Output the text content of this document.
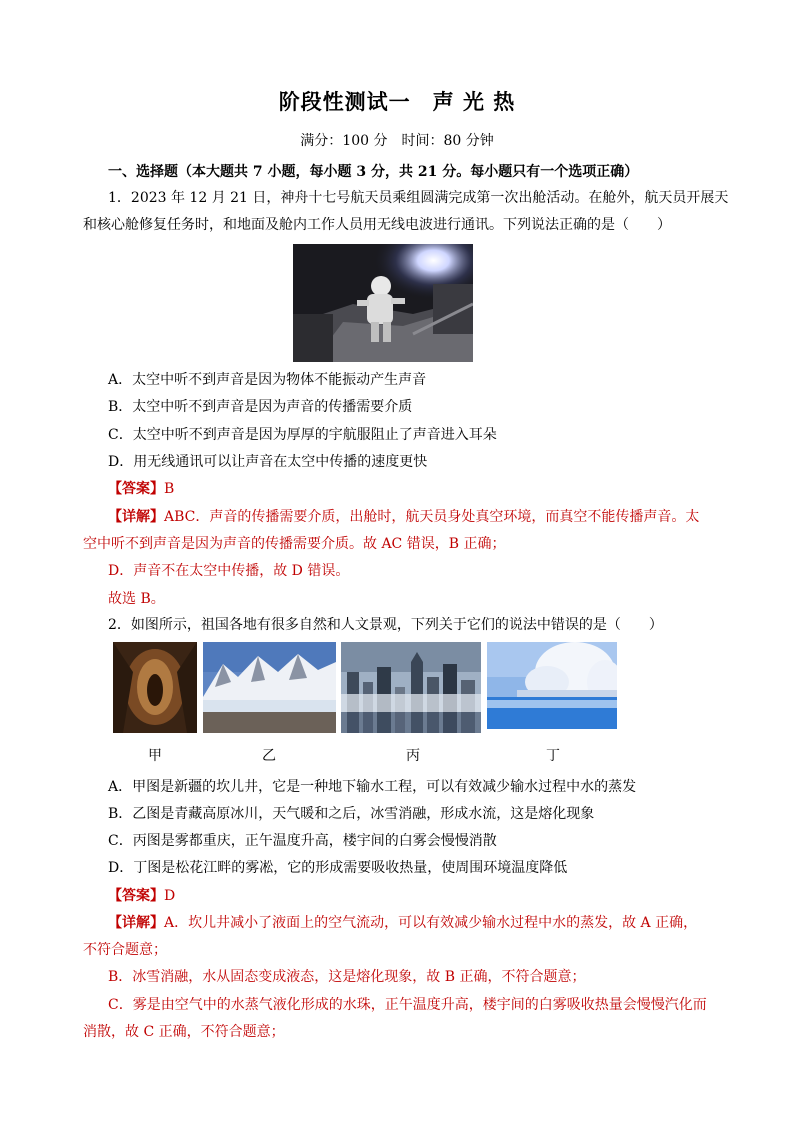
阶段性测试一　声 光 热
满分：100 分　时间：80 分钟
一、选择题（本大题共 7 小题，每小题 3 分，共 21 分。每小题只有一个选项正确）
1．2023 年 12 月 21 日，神舟十七号航天员乘组圆满完成第一次出舱活动。在舱外，航天员开展天
和核心舱修复任务时，和地面及舱内工作人员用无线电波进行通讯。下列说法正确的是（　　）
A．太空中听不到声音是因为物体不能振动产生声音
B．太空中听不到声音是因为声音的传播需要介质
C．太空中听不到声音是因为厚厚的宇航服阻止了声音进入耳朵
D．用无线通讯可以让声音在太空中传播的速度更快
【答案】B
【详解】ABC．声音的传播需要介质，出舱时，航天员身处真空环境，而真空不能传播声音。太
空中听不到声音是因为声音的传播需要介质。故 AC 错误，B 正确；
D．声音不在太空中传播，故 D 错误。
故选 B。
2．如图所示，祖国各地有很多自然和人文景观，下列关于它们的说法中错误的是（　　）
甲	乙	丙	丁
A．甲图是新疆的坎儿井，它是一种地下输水工程，可以有效减少输水过程中水的蒸发
B．乙图是青藏高原冰川，天气暖和之后，冰雪消融，形成水流，这是熔化现象
C．丙图是雾都重庆，正午温度升高，楼宇间的白雾会慢慢消散
D．丁图是松花江畔的雾凇，它的形成需要吸收热量，使周围环境温度降低
【答案】D
【详解】A．坎儿井减小了液面上的空气流动，可以有效减少输水过程中水的蒸发，故 A 正确，
不符合题意；
B．冰雪消融，水从固态变成液态，这是熔化现象，故 B 正确，不符合题意；
C．雾是由空气中的水蒸气液化形成的水珠，正午温度升高，楼宇间的白雾吸收热量会慢慢汽化而
消散，故 C 正确，不符合题意；
